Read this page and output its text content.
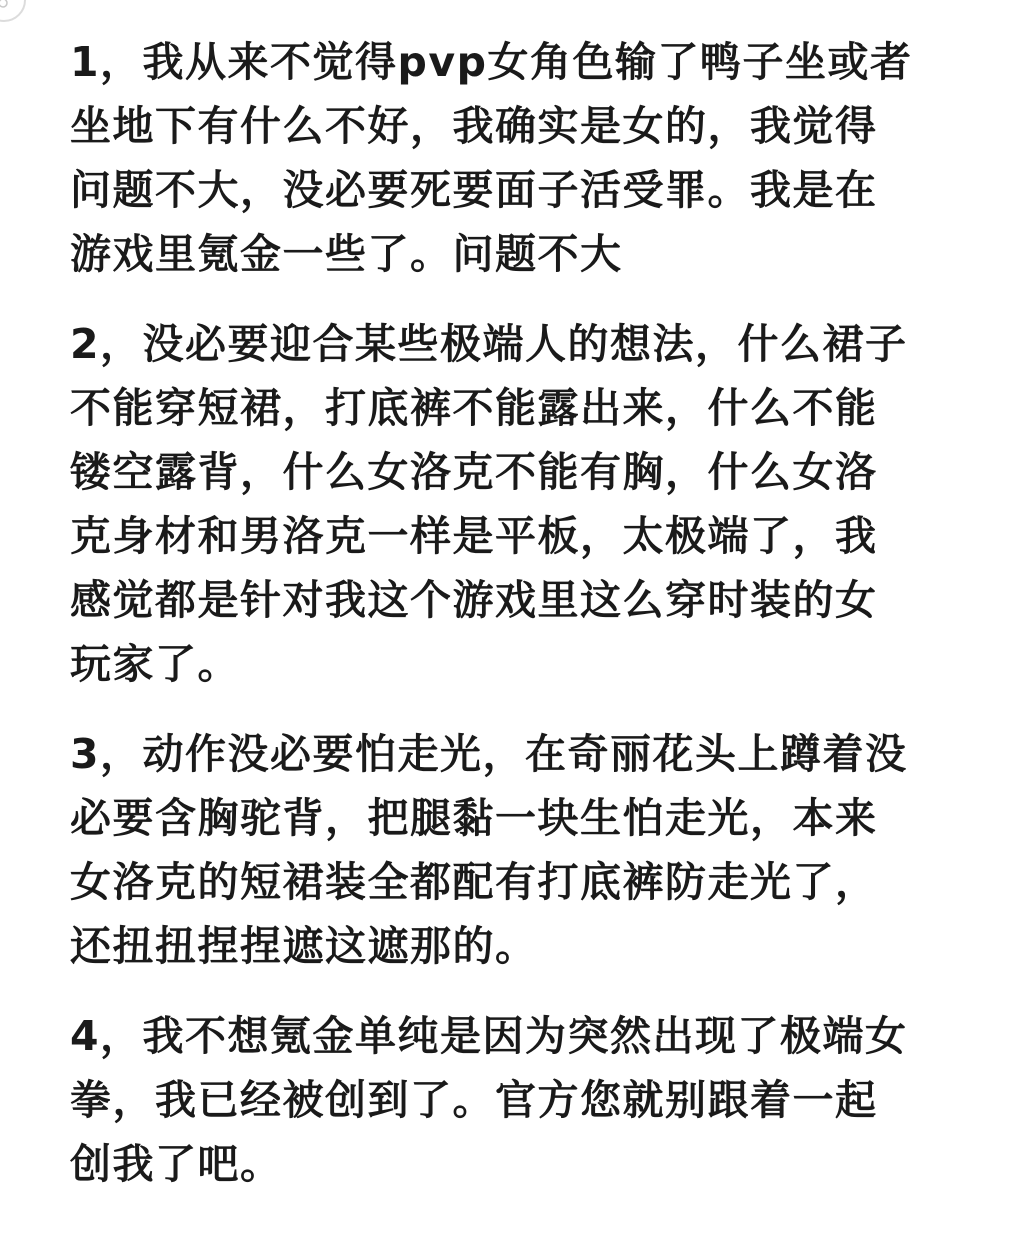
1，我从来不觉得pvp女角色输了鸭子坐或者
坐地下有什么不好，我确实是女的，我觉得
问题不大，没必要死要面子活受罪。我是在
游戏里氪金一些了。问题不大

2，没必要迎合某些极端人的想法，什么裙子
不能穿短裙，打底裤不能露出来，什么不能
镂空露背，什么女洛克不能有胸，什么女洛
克身材和男洛克一样是平板，太极端了，我
感觉都是针对我这个游戏里这么穿时装的女
玩家了。

3，动作没必要怕走光，在奇丽花头上蹲着没
必要含胸驼背，把腿黏一块生怕走光，本来
女洛克的短裙装全都配有打底裤防走光了，
还扭扭捏捏遮这遮那的。

4，我不想氪金单纯是因为突然出现了极端女
拳，我已经被创到了。官方您就别跟着一起
创我了吧。
